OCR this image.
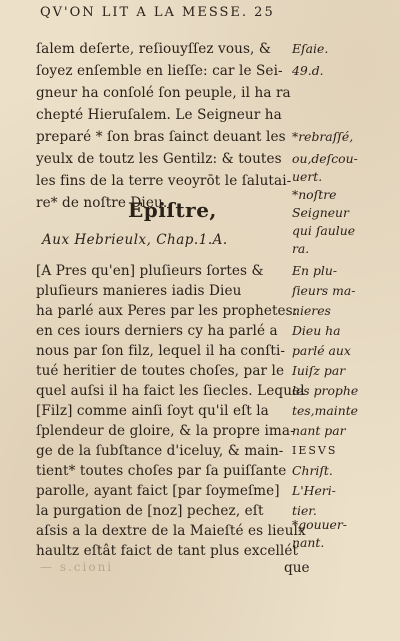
QV'ON LIT A LA MESSE. 25
ſalem deſerte, reſiouyſſez vous, &
ſoyez enſemble en lieſſe: car le Sei-
gneur ha conſolé ſon peuple, il ha ra
chepté Hieruſalem. Le Seigneur ha
preparé * ſon bras ſainct deuant les
yeulx de toutz les Gentilz: & toutes
les fins de la terre veoyrōt le ſalutai-
re* de noſtre Dieu.
Eſaie.
49.d.
*rebraſſé,
ou,deſcou-
uert.
*noſtre
Seigneur
qui ſaulue
ra.
Epiſtre,
Aux Hebrieulx, Chap.1.A.
[A Pres qu'en] pluſieurs ſortes &
pluſieurs manieres iadis Dieu
ha parlé aux Peres par les prophetes:
en ces iours derniers cy ha parlé a
nous par ſon filz, lequel il ha conſti-
tué heritier de toutes choſes, par le
quel auſsi il ha faict les ſiecles. Lequel
[Filz] comme ainſi ſoyt qu'il eſt la
ſplendeur de gloire, & la propre ima-
ge de la ſubſtance d'iceluy, & main-
tient* toutes choſes par ſa puiſſante
parolle, ayant faict [par ſoymeſme]
la purgation de [noz] pechez, eſt
aſsis a la dextre de la Maieſté es lieulx
haultz eſtât faict de tant plus excellét
En plu-
ſieurs ma-
nieres
Dieu ha
parlé aux
Iuiſz par
les prophe
tes,mainte
nant par
IESVS
Chriſt.
L'Heri-
tier.
*gouuer-
nant.
que
— s.cioni
